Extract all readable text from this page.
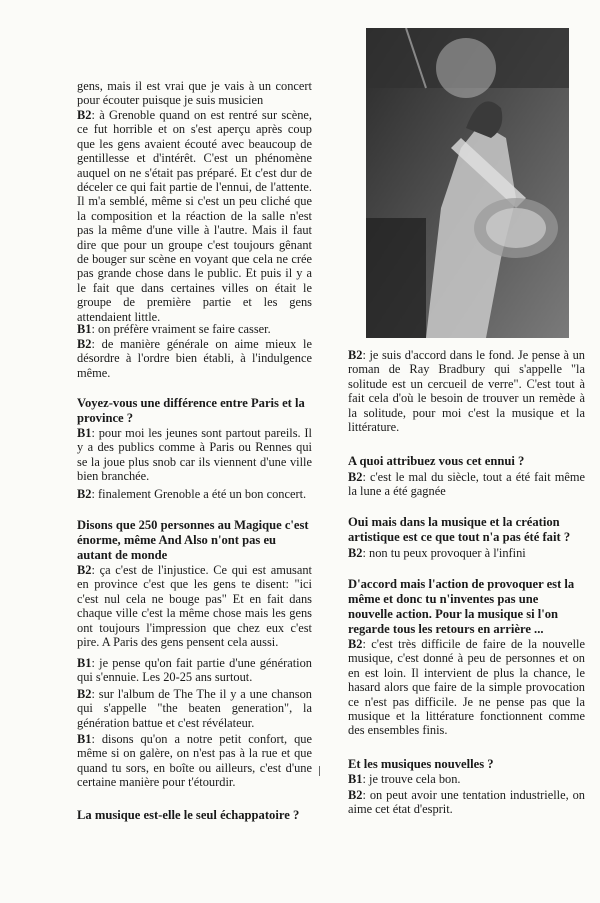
gens, mais il est vrai que je vais à un concert pour écouter puisque je suis musicien

B2: à Grenoble quand on est rentré sur scène, ce fut horrible et on s'est aperçu après coup que les gens avaient écouté avec beaucoup de gentillesse et d'intérêt. C'est un phénomène auquel on ne s'était pas préparé. Et c'est dur de déceler ce qui fait partie de l'ennui, de l'attente. Il m'a semblé, même si c'est un peu cliché que la composition et la réaction de la salle n'est pas la même d'une ville à l'autre. Mais il faut dire que pour un groupe c'est toujours gênant de bouger sur scène en voyant que cela ne crée pas grande chose dans le public. Et puis il y a le fait que dans certaines villes on était le groupe de première partie et les gens attendaient little.

B1: on préfère vraiment se faire casser.

B2: de manière générale on aime mieux le désordre à l'ordre bien établi, à l'indulgence même.

Voyez-vous une différence entre Paris et la province ?

B1: pour moi les jeunes sont partout pareils. Il y a des publics comme à Paris ou Rennes qui se la joue plus snob car ils viennent d'une ville bien branchée.

B2: finalement Grenoble a été un bon concert.

Disons que 250 personnes au Magique c'est énorme, même And Also n'ont pas eu autant de monde

B2: ça c'est de l'injustice. Ce qui est amusant en province c'est que les gens te disent: "ici c'est nul cela ne bouge pas" Et en fait dans chaque ville c'est la même chose mais les gens ont toujours l'impression que chez eux c'est pire. A Paris des gens pensent cela aussi.

B1: je pense qu'on fait partie d'une génération qui s'ennuie. Les 20-25 ans surtout.

B2: sur l'album de The The il y a une chanson qui s'appelle "the beaten generation", la génération battue et c'est révélateur.

B1: disons qu'on a notre petit confort, que même si on galère, on n'est pas à la rue et que quand tu sors, en boîte ou ailleurs, c'est d'une certaine manière pour t'étourdir.

La musique est-elle le seul échappatoire ?

B2: je suis d'accord dans le fond. Je pense à un roman de Ray Bradbury qui s'appelle "la solitude est un cercueil de verre". C'est tout à fait cela d'où le besoin de trouver un remède à la solitude, pour moi c'est la musique et la littérature.

A quoi attribuez vous cet ennui ?

B2: c'est le mal du siècle, tout a été fait même la lune a été gagnée

Oui mais dans la musique et la création artistique est ce que tout n'a pas été fait ?

B2: non tu peux provoquer à l'infini

D'accord mais l'action de provoquer est la même et donc tu n'inventes pas une nouvelle action. Pour la musique si l'on regarde tous les retours en arrière ...

B2: c'est très difficile de faire de la nouvelle musique, c'est donné à peu de personnes et on en est loin. Il intervient de plus la chance, le hasard alors que faire de la simple provocation ce n'est pas difficile. Je ne pense pas que la musique et la littérature fonctionnent comme des ensembles finis.

Et les musiques nouvelles ?

B1: je trouve cela bon.

B2: on peut avoir une tentation industrielle, on aime cet état d'esprit.
